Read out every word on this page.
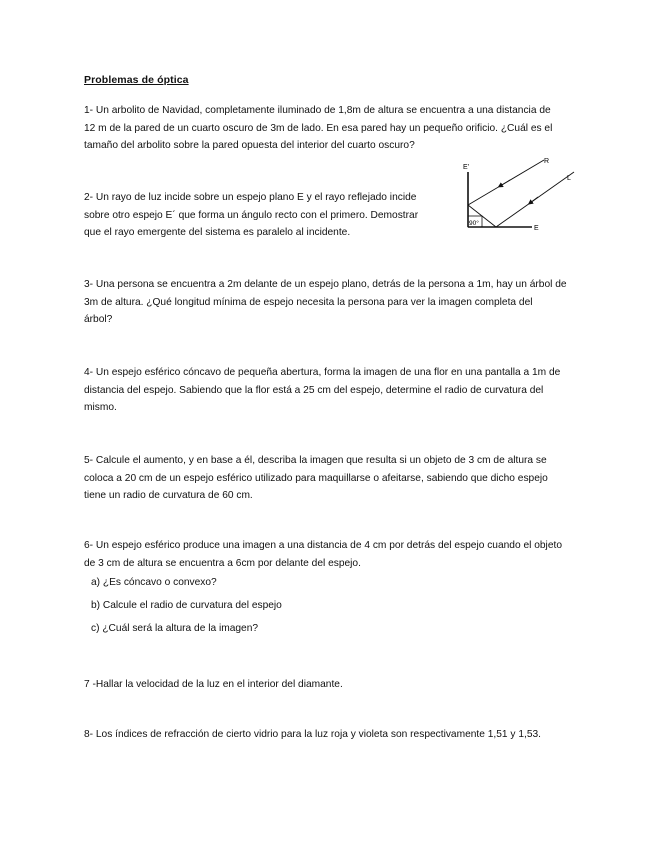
Problemas de óptica
1- Un arbolito de Navidad, completamente iluminado de 1,8m de altura se encuentra a una distancia de
12 m de la pared de un cuarto oscuro de 3m de lado. En esa pared hay un pequeño orificio. ¿Cuál es el
tamaño del arbolito sobre la pared opuesta del interior del cuarto oscuro?
2- Un rayo de luz incide sobre un espejo plano E y el rayo reflejado incide
sobre otro espejo E´ que forma un ángulo recto con el primero. Demostrar
que el rayo emergente del sistema es paralelo al incidente.
90°
E'
E
R
L
3- Una persona se encuentra a 2m delante de un espejo plano, detrás de la persona a 1m, hay un árbol de
3m de altura. ¿Qué longitud mínima de espejo necesita la persona para ver la imagen completa del
árbol?
4- Un espejo esférico cóncavo de pequeña abertura, forma la imagen de una flor en una pantalla a 1m de
distancia del espejo. Sabiendo que la flor está a 25 cm del espejo, determine el radio de curvatura del
mismo.
5- Calcule el aumento, y en base a él, describa la imagen que resulta si un objeto de 3 cm de altura se
coloca a 20 cm de un espejo esférico utilizado para maquillarse o afeitarse, sabiendo que dicho espejo
tiene un radio de curvatura de 60 cm.
6- Un espejo esférico produce una imagen a una distancia de 4 cm por detrás del espejo cuando el objeto
de 3 cm de altura se encuentra a 6cm por delante del espejo.
a) ¿Es cóncavo o convexo?
b) Calcule el radio de curvatura del espejo
c) ¿Cuál será la altura de la imagen?
7 -Hallar la velocidad de la luz en el interior del diamante.
8- Los índices de refracción de cierto vidrio para la luz roja y violeta son respectivamente 1,51 y 1,53.
